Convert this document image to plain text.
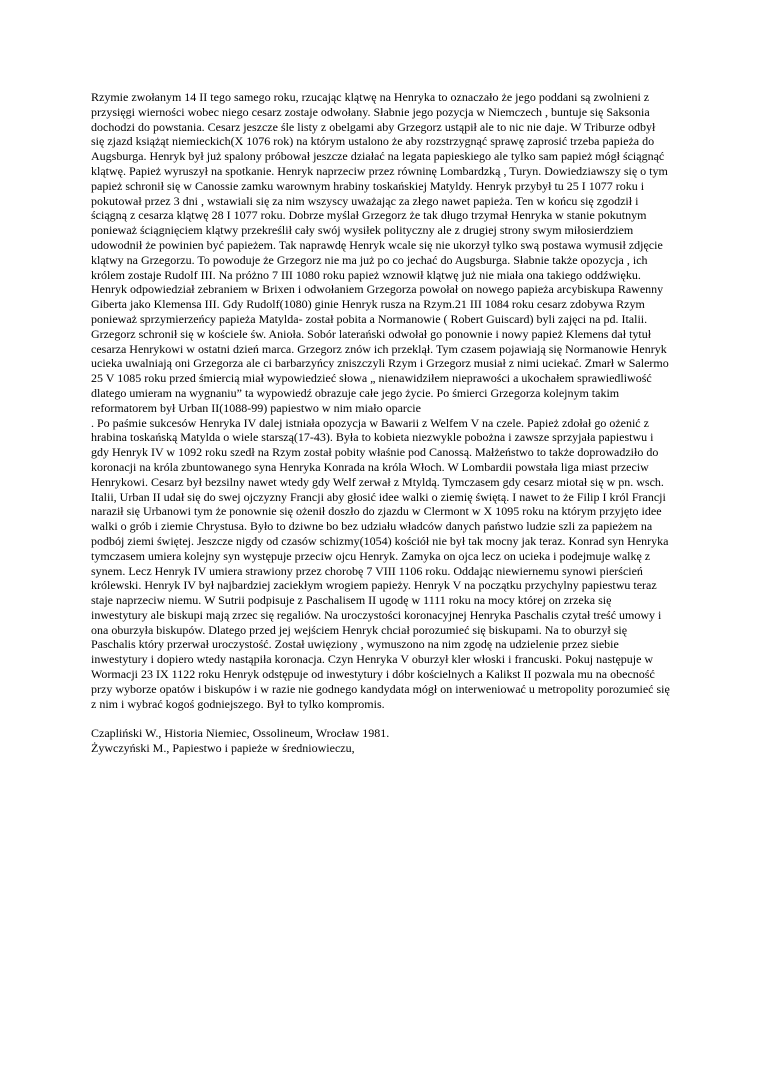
Rzymie zwołanym 14 II tego samego roku, rzucając klątwę na Henryka to oznaczało że jego poddani są zwolnieni z przysięgi wierności wobec niego cesarz zostaje odwołany. Słabnie jego pozycja w Niemczech , buntuje się Saksonia dochodzi do powstania. Cesarz jeszcze śle listy z obelgami aby Grzegorz ustąpił ale to nic nie daje. W Triburze odbył się zjazd książąt niemieckich(X 1076 rok) na którym ustalono że aby rozstrzygnąć sprawę zaprosić trzeba papieża do Augsburga. Henryk był już spalony próbował jeszcze działać na legata papieskiego ale tylko sam papież mógł ściągnąć klątwę. Papież wyruszył na spotkanie. Henryk naprzeciw przez równinę Lombardzką , Turyn. Dowiedziawszy się o tym papież schronił się w Canossie zamku warownym hrabiny toskańskiej Matyldy. Henryk przybył tu 25 I 1077 roku i pokutował przez 3 dni , wstawiali się za nim wszyscy uważając za złego nawet papieża. Ten w końcu się zgodził i ściągną z cesarza klątwę 28 I 1077 roku. Dobrze myślał Grzegorz że tak długo trzymał Henryka w stanie pokutnym ponieważ ściągnięciem klątwy przekreślił cały swój wysiłek polityczny ale z drugiej strony swym miłosierdziem udowodnił że powinien być papieżem. Tak naprawdę Henryk wcale się nie ukorzył tylko swą postawa wymusił zdjęcie klątwy na Grzegorzu. To powoduje że Grzegorz nie ma już po co jechać do Augsburga. Słabnie także opozycja , ich królem zostaje Rudolf III. Na próżno 7 III 1080 roku papież wznowił klątwę już nie miała ona takiego oddźwięku. Henryk odpowiedział zebraniem w Brixen i odwołaniem Grzegorza powołał on nowego papieża arcybiskupa Rawenny Giberta jako Klemensa III. Gdy Rudolf(1080) ginie Henryk rusza na Rzym.21 III 1084 roku cesarz zdobywa Rzym ponieważ sprzymierzeńcy papieża Matylda- został pobita a Normanowie ( Robert Guiscard) byli zajęci na pd. Italii. Grzegorz schronił się w kościele św. Anioła. Sobór laterański odwołał go ponownie i nowy papież Klemens dał tytuł cesarza Henrykowi w ostatni dzień marca. Grzegorz znów ich przeklął. Tym czasem pojawiają się Normanowie Henryk ucieka uwalniają oni Grzegorza ale ci barbarzyńcy zniszczyli Rzym i Grzegorz musiał z nimi uciekać. Zmarł w Salermo 25 V 1085 roku przed śmiercią miał wypowiedzieć słowa „ nienawidziłem nieprawości a ukochałem sprawiedliwość dlatego umieram na wygnaniu” ta wypowiedź obrazuje całe jego życie. Po śmierci Grzegorza kolejnym takim reformatorem był Urban II(1088-99) papiestwo w nim miało oparcie
. Po paśmie sukcesów Henryka IV dalej istniała opozycja w Bawarii z Welfem V na czele. Papież zdołał go ożenić z hrabina toskańską Matylda o wiele starszą(17-43). Była to kobieta niezwykle pobożna i zawsze sprzyjała papiestwu i gdy Henryk IV w 1092 roku szedł na Rzym został pobity właśnie pod Canossą. Małżeństwo to także doprowadziło do koronacji na króla zbuntowanego syna Henryka Konrada na króla Włoch. W Lombardii powstała liga miast przeciw Henrykowi. Cesarz był bezsilny nawet wtedy gdy Welf zerwał z Mtyldą. Tymczasem gdy cesarz miotał się w pn. wsch. Italii, Urban II udał się do swej ojczyzny Francji aby głosić idee walki o ziemię świętą. I nawet to że Filip I król Francji naraził się Urbanowi tym że ponownie się ożenił doszło do zjazdu w Clermont w X 1095 roku na którym przyjęto idee walki o grób i ziemie Chrystusa. Było to dziwne bo bez udziału władców danych państwo ludzie szli za papieżem na podbój ziemi świętej. Jeszcze nigdy od czasów schizmy(1054) kościół nie był tak mocny jak teraz. Konrad syn Henryka tymczasem umiera kolejny syn występuje przeciw ojcu Henryk. Zamyka on ojca lecz on ucieka i podejmuje walkę z synem. Lecz Henryk IV umiera strawiony przez chorobę 7 VIII 1106 roku. Oddając niewiernemu synowi pierścień królewski. Henryk IV był najbardziej zaciekłym wrogiem papieży. Henryk V na początku przychylny papiestwu teraz staje naprzeciw niemu. W Sutrii podpisuje z Paschalisem II ugodę w 1111 roku na mocy której on zrzeka się inwestytury ale biskupi mają zrzec się regaliów. Na uroczystości koronacyjnej Henryka Paschalis czytał treść umowy i ona oburzyła biskupów. Dlatego przed jej wejściem Henryk chciał porozumieć się biskupami. Na to oburzył się Paschalis który przerwał uroczystość. Został uwięziony , wymuszono na nim zgodę na udzielenie przez siebie inwestytury i dopiero wtedy nastąpiła koronacja. Czyn Henryka V oburzył kler włoski i francuski. Pokuj następuje w Wormacji 23 IX 1122 roku Henryk odstępuje od inwestytury i dóbr kościelnych a Kalikst II pozwala mu na obecność przy wyborze opatów i biskupów i w razie nie godnego kandydata mógł on interweniować u metropolity porozumieć się z nim i wybrać kogoś godniejszego. Był to tylko kompromis.

Czapliński W., Historia Niemiec, Ossolineum, Wrocław 1981.

Żywczyński M., Papiestwo i papieże w średniowieczu,
